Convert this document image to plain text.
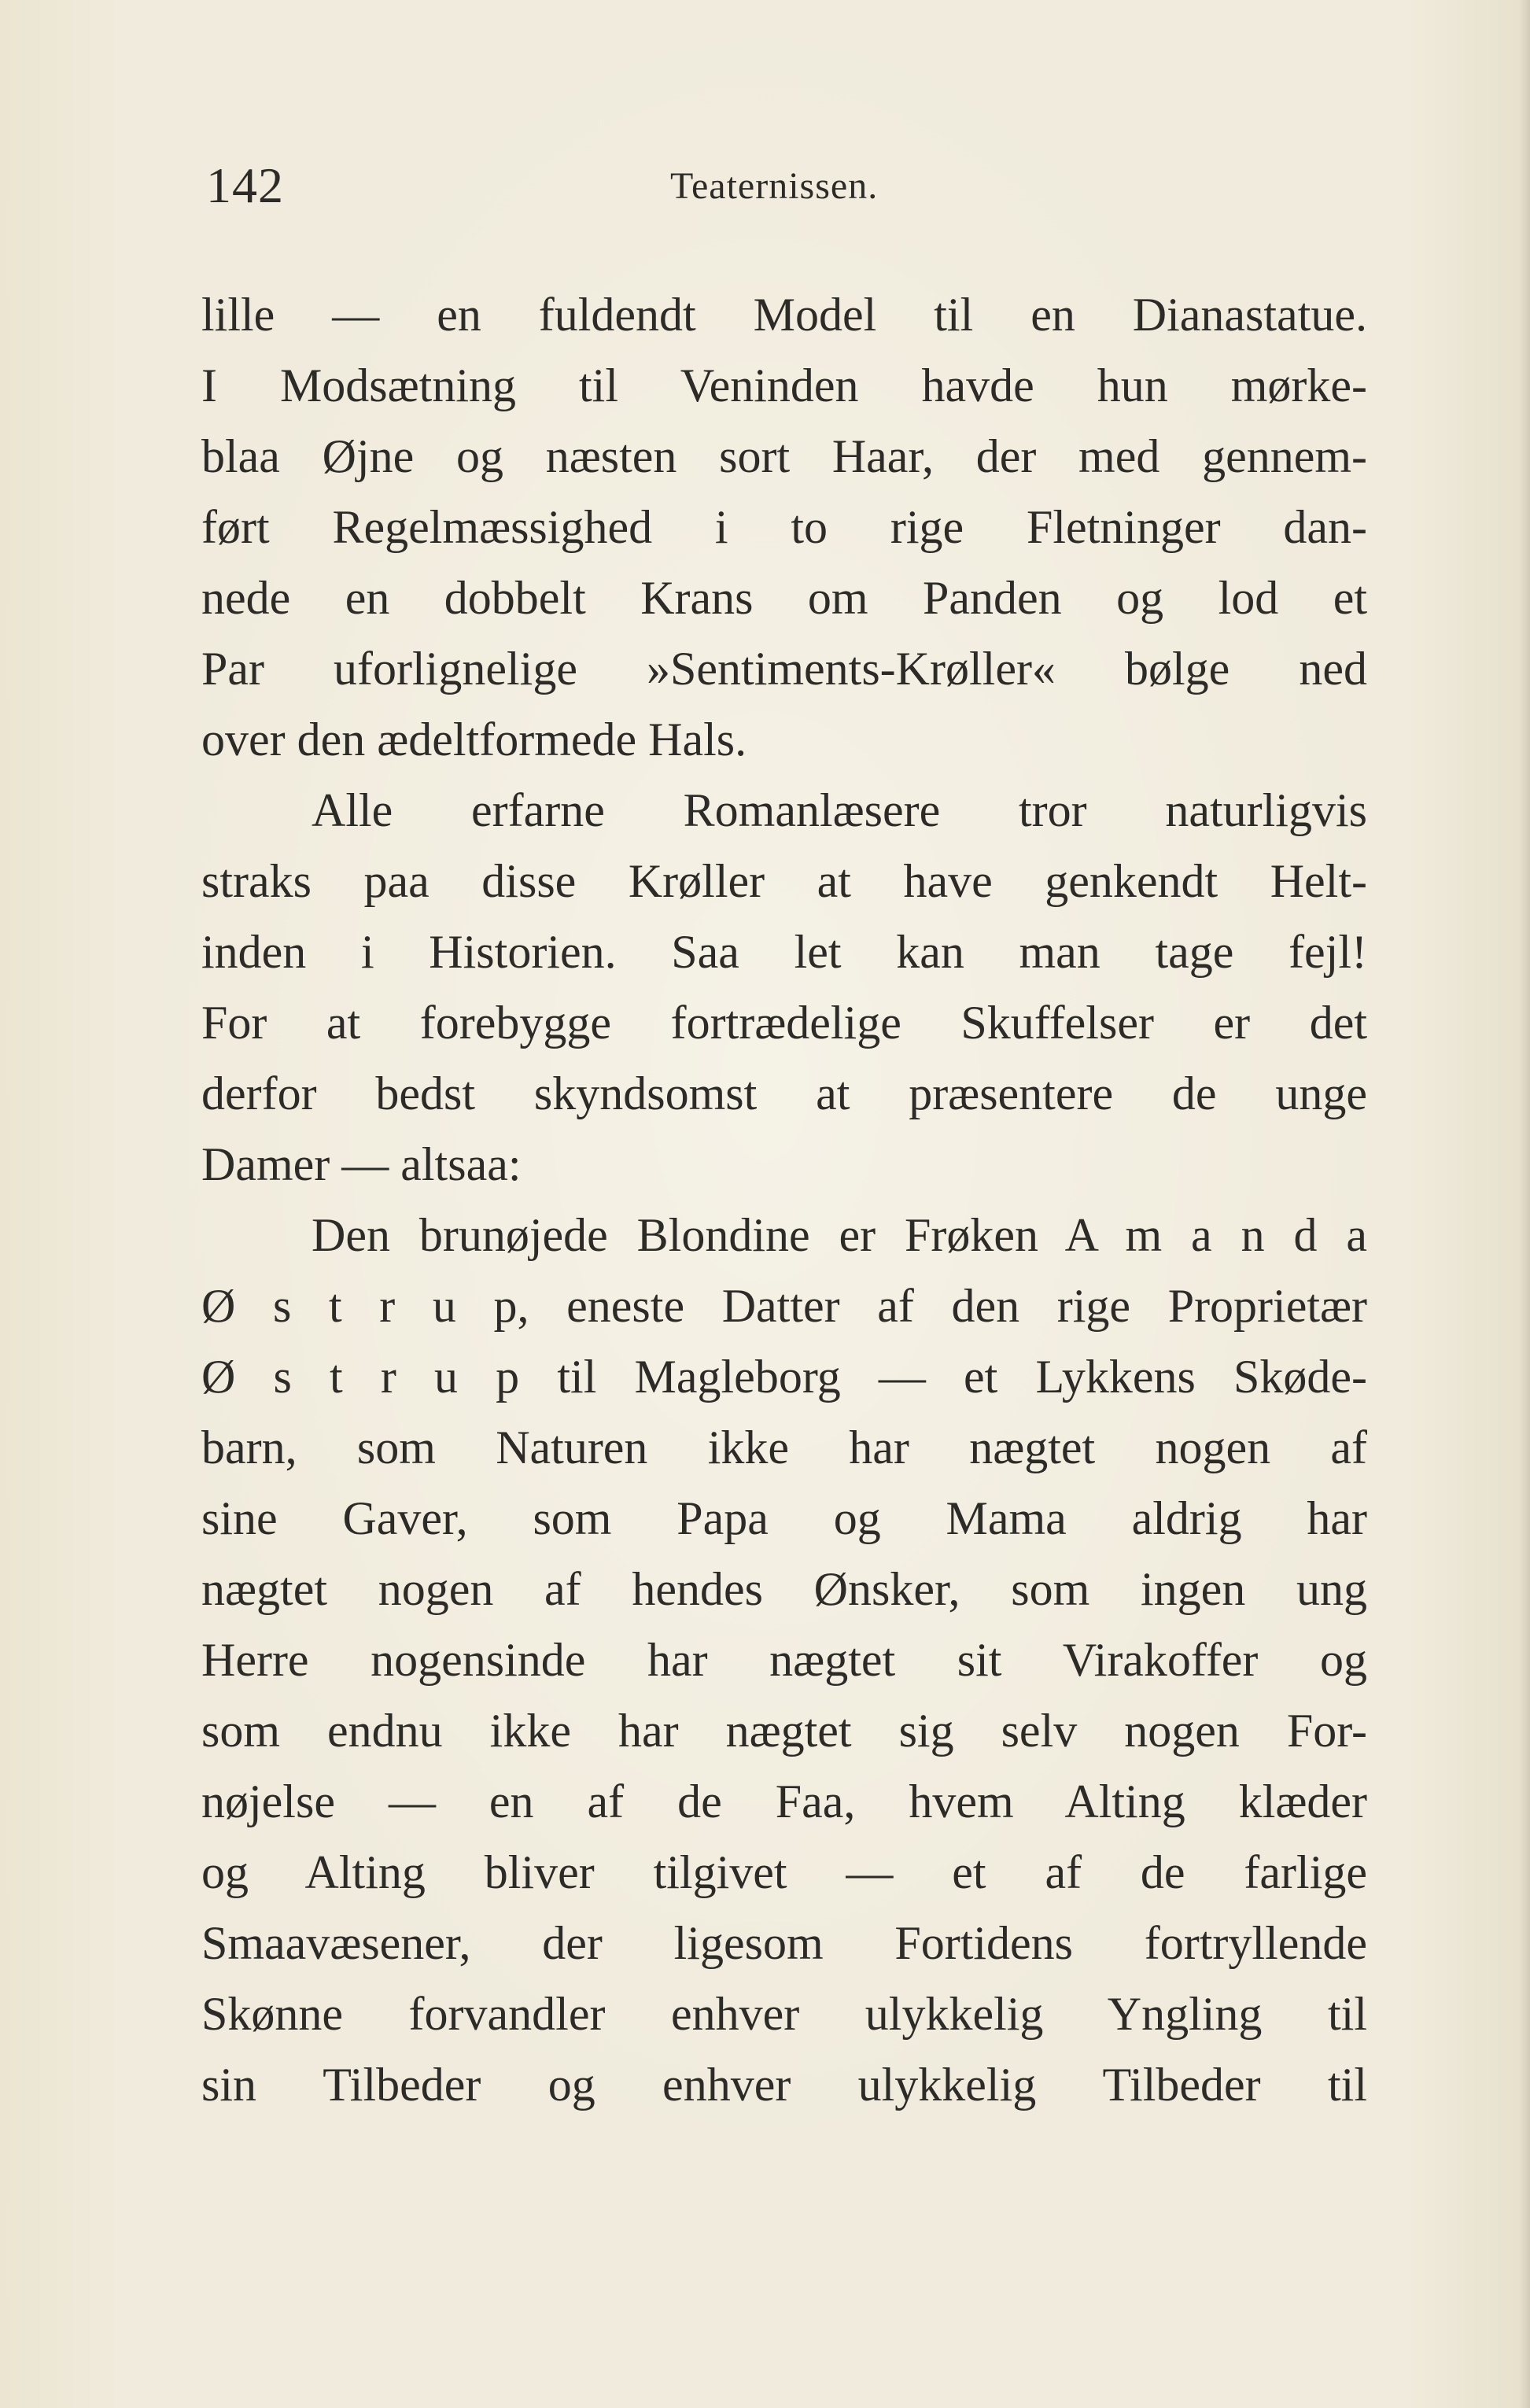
142	Teaternissen.
lille — en fuldendt Model til en Dianastatue.
I Modsætning til Veninden havde hun mørke-
blaa Øjne og næsten sort Haar, der med gennem-
ført Regelmæssighed i to rige Fletninger dan-
nede en dobbelt Krans om Panden og lod et
Par uforlignelige »Sentiments-Krøller« bølge ned
over den ædeltformede Hals.
Alle erfarne Romanlæsere tror naturligvis
straks paa disse Krøller at have genkendt Helt-
inden i Historien. Saa let kan man tage fejl!
For at forebygge fortrædelige Skuffelser er det
derfor bedst skyndsomst at præsentere de unge
Damer — altsaa:
Den brunøjede Blondine er Frøken A m a n d a
Ø s t r u p, eneste Datter af den rige Proprietær
Ø s t r u p til Magleborg — et Lykkens Skøde-
barn, som Naturen ikke har nægtet nogen af
sine Gaver, som Papa og Mama aldrig har
nægtet nogen af hendes Ønsker, som ingen ung
Herre nogensinde har nægtet sit Virakoffer og
som endnu ikke har nægtet sig selv nogen For-
nøjelse — en af de Faa, hvem Alting klæder
og Alting bliver tilgivet — et af de farlige
Smaavæsener, der ligesom Fortidens fortryllende
Skønne forvandler enhver ulykkelig Yngling til
sin Tilbeder og enhver ulykkelig Tilbeder til
